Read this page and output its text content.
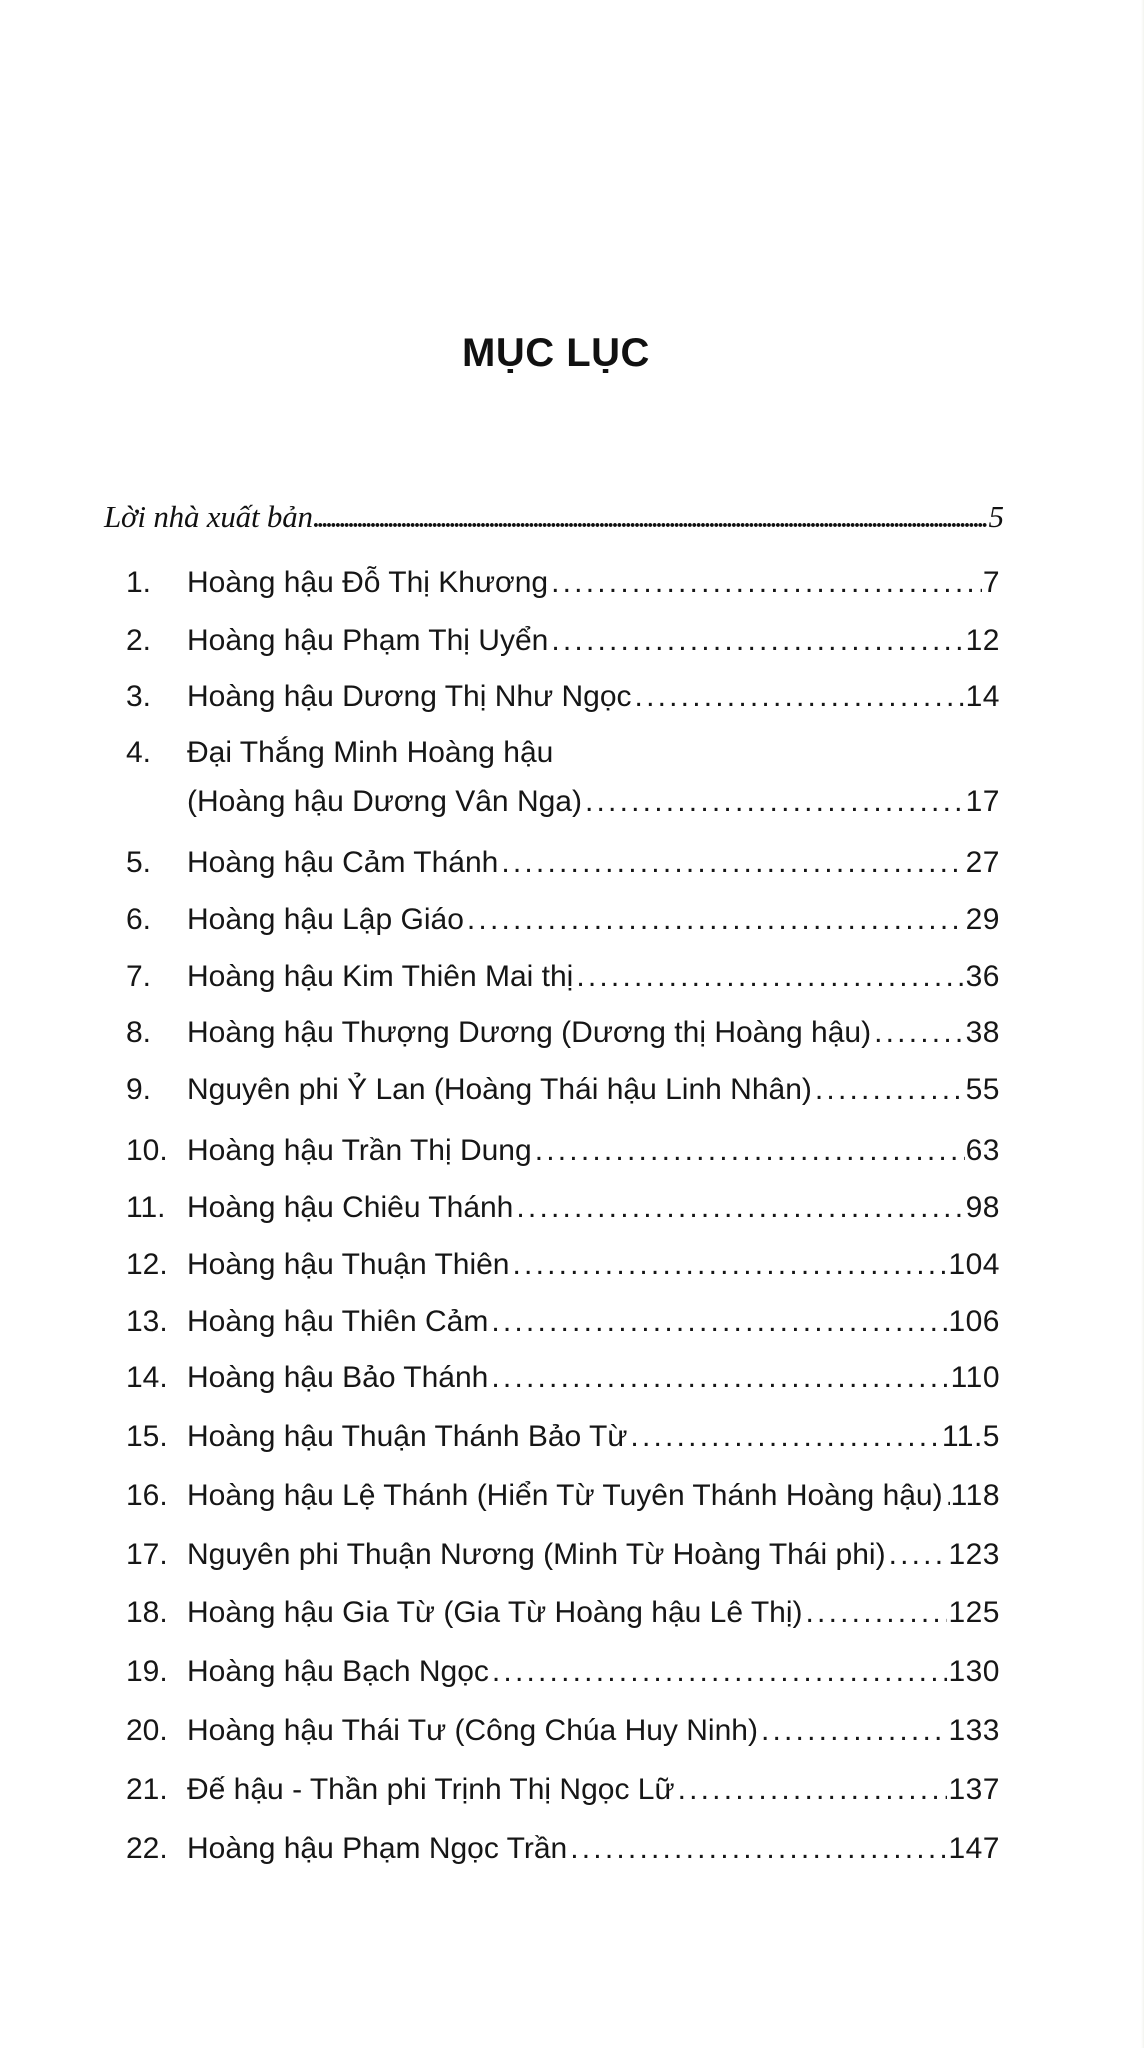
MỤC LỤC
Lời nhà xuất bản .....	5
1.	Hoàng hậu Đỗ Thị Khương .....	7
2.	Hoàng hậu Phạm Thị Uyển .....	12
3.	Hoàng hậu Dương Thị Như Ngọc .....	14
4.	Đại Thắng Minh Hoàng hậu
(Hoàng hậu Dương Vân Nga) .....	17
5.	Hoàng hậu Cảm Thánh .....	27
6.	Hoàng hậu Lập Giáo .....	29
7.	Hoàng hậu Kim Thiên Mai thị .....	36
8.	Hoàng hậu Thượng Dương (Dương thị Hoàng hậu) .....	38
9.	Nguyên phi Ỷ Lan (Hoàng Thái hậu Linh Nhân) .....	55
10. Hoàng hậu Trần Thị Dung .....	63
11. Hoàng hậu Chiêu Thánh .....	98
12. Hoàng hậu Thuận Thiên .....	104
13. Hoàng hậu Thiên Cảm .....	106
14. Hoàng hậu Bảo Thánh .....	110
15. Hoàng hậu Thuận Thánh Bảo Từ .....	11.5
16. Hoàng hậu Lệ Thánh (Hiển Từ Tuyên Thánh Hoàng hậu) ..... 118
17. Nguyên phi Thuận Nương (Minh Từ Hoàng Thái phi) ..... 123
18. Hoàng hậu Gia Từ (Gia Từ Hoàng hậu Lê Thị) .....	125
19. Hoàng hậu Bạch Ngọc .....	130
20. Hoàng hậu Thái Tư (Công Chúa Huy Ninh) .....	133
21. Đế hậu - Thần phi Trịnh Thị Ngọc Lữ .....	137
22. Hoàng hậu Phạm Ngọc Trần .....	147
